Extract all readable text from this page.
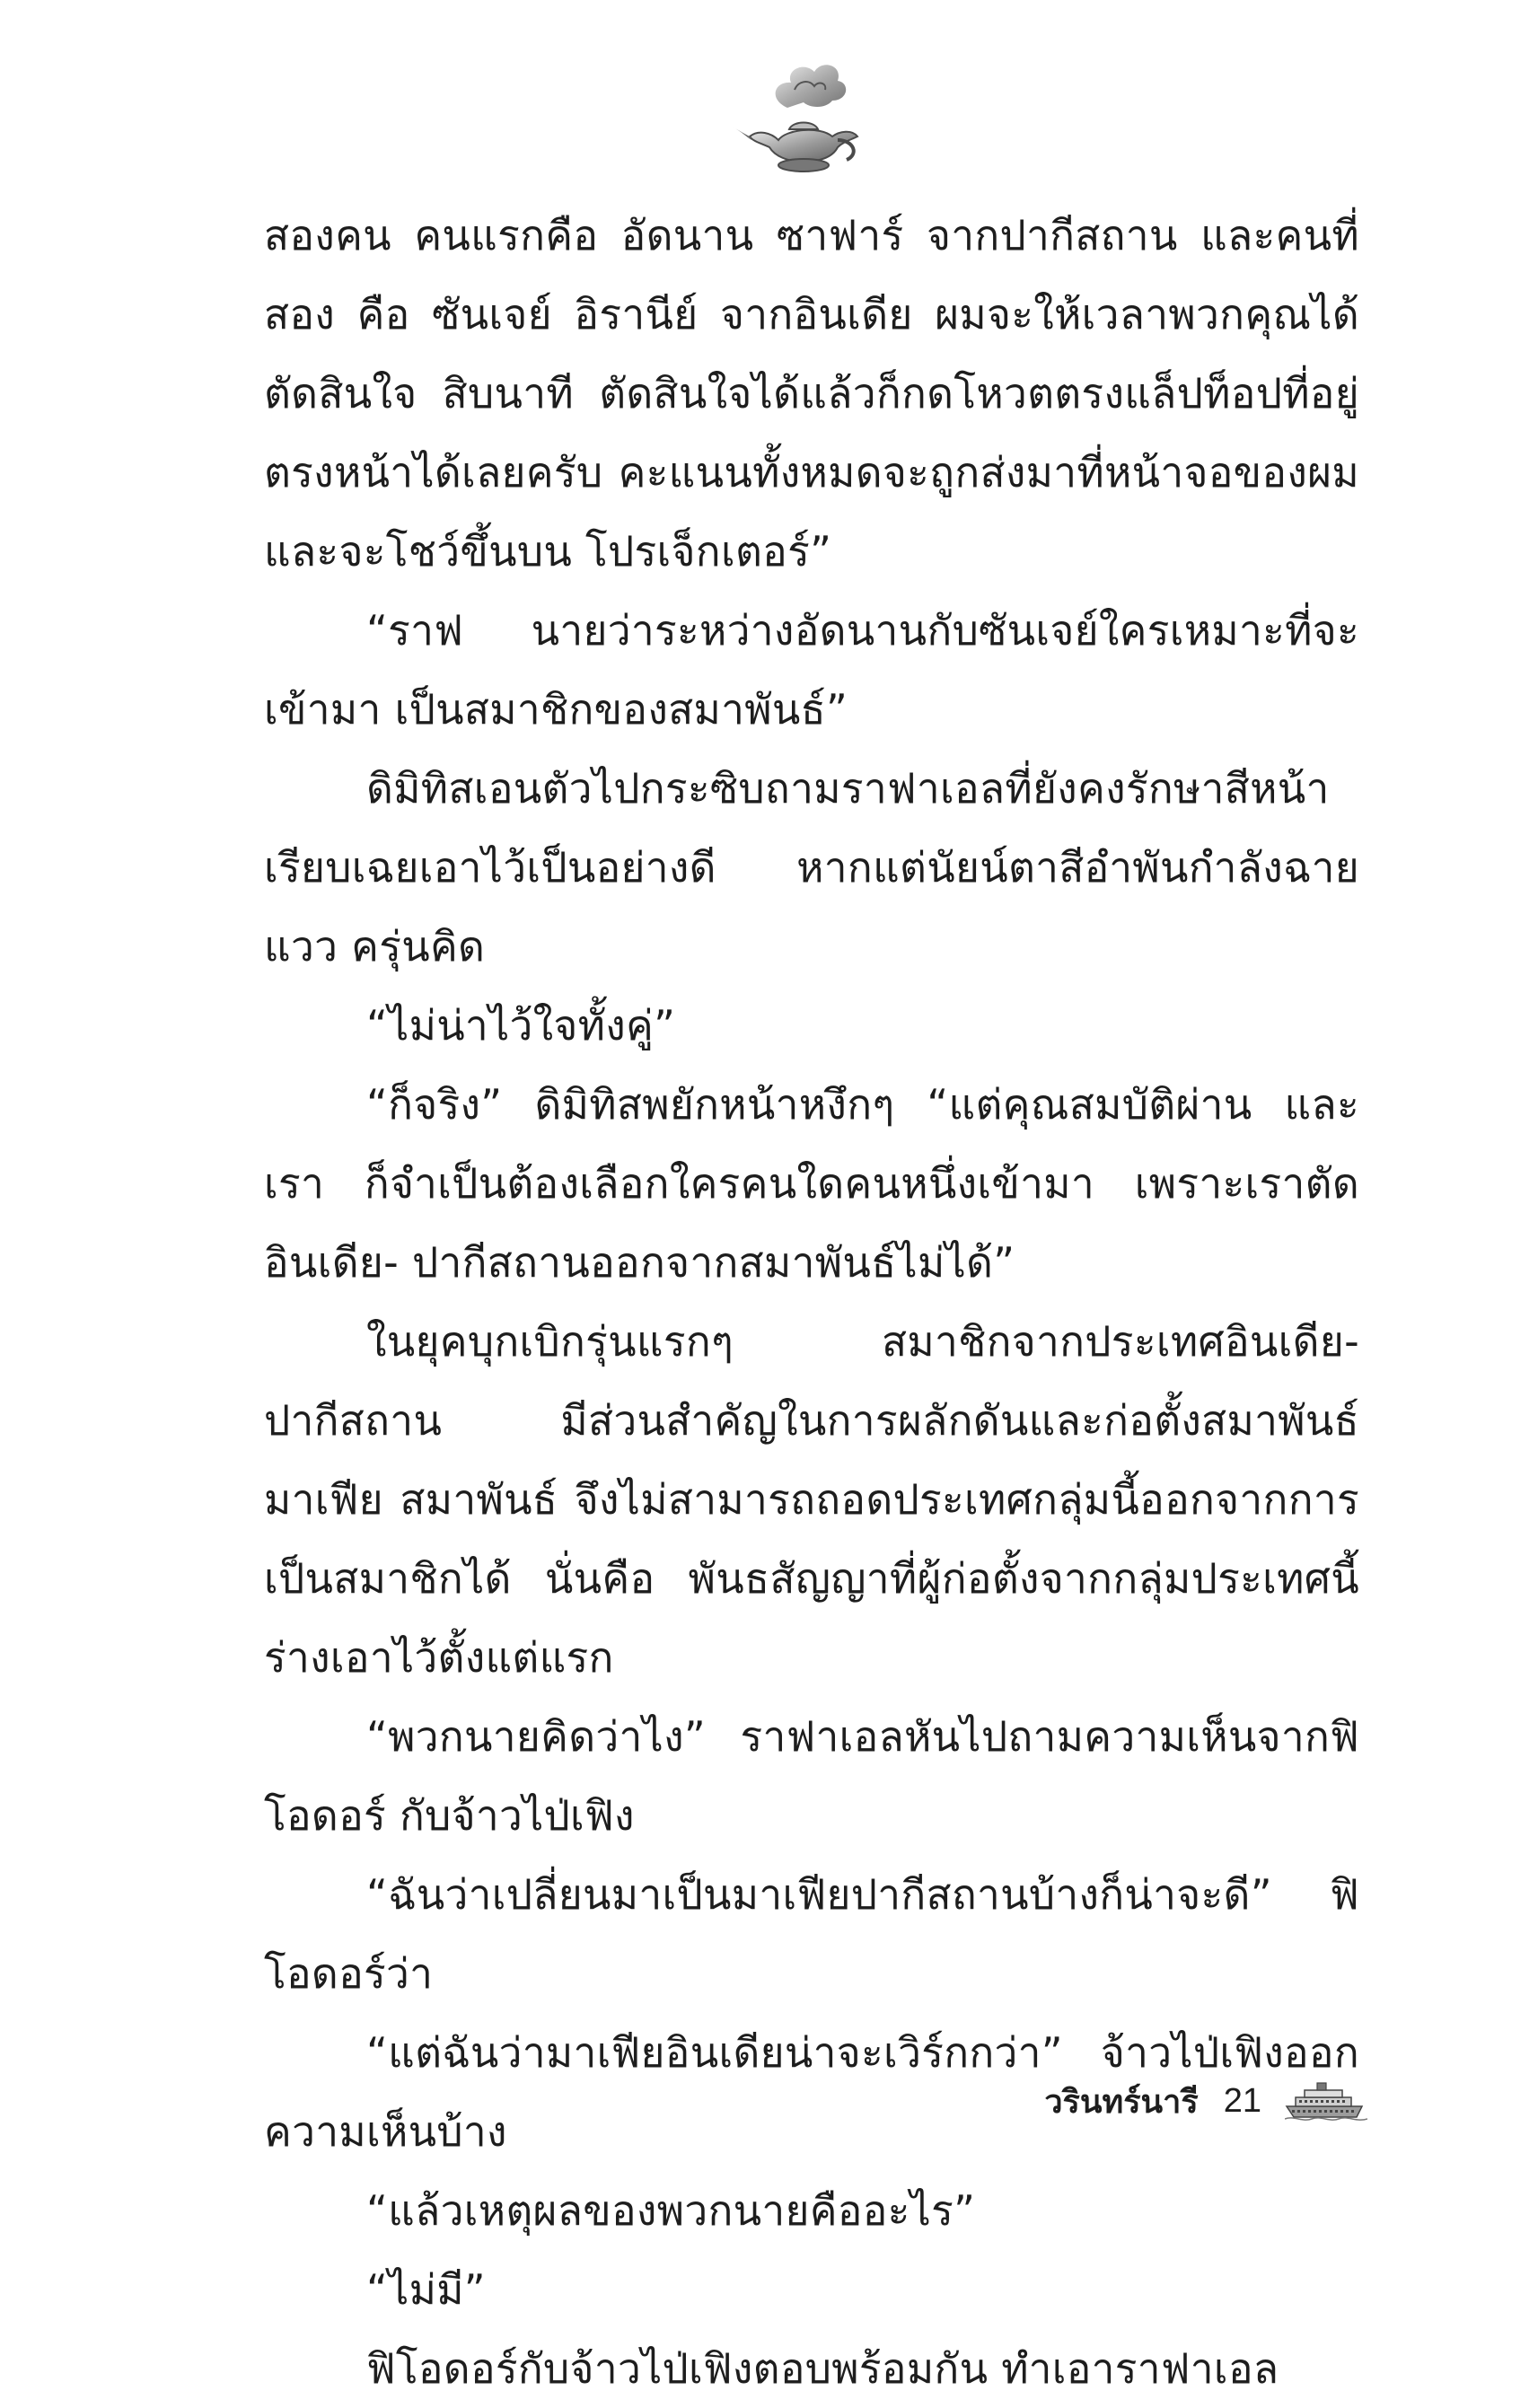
สองคน คนแรกคือ อัดนาน ซาฟาร์ จากปากีสถาน และคนที่สอง คือ ซันเจย์ อิรานีย์ จากอินเดีย ผมจะให้เวลาพวกคุณได้ตัดสินใจ สิบนาที ตัดสินใจได้แล้วก็กดโหวตตรงแล็ปท็อปที่อยู่ตรงหน้าได้เลยครับ คะแนนทั้งหมดจะถูกส่งมาที่หน้าจอของผม และจะโชว์ขึ้นบน โปรเจ็กเตอร์”

“ราฟ นายว่าระหว่างอัดนานกับซันเจย์ใครเหมาะที่จะเข้ามา เป็นสมาชิกของสมาพันธ์”

ดิมิทิสเอนตัวไปกระซิบถามราฟาเอลที่ยังคงรักษาสีหน้า เรียบเฉยเอาไว้เป็นอย่างดี หากแต่นัยน์ตาสีอำพันกำลังฉายแวว ครุ่นคิด

“ไม่น่าไว้ใจทั้งคู่”

“ก็จริง” ดิมิทิสพยักหน้าหงึกๆ “แต่คุณสมบัติผ่าน และเรา ก็จำเป็นต้องเลือกใครคนใดคนหนึ่งเข้ามา เพราะเราตัดอินเดีย- ปากีสถานออกจากสมาพันธ์ไม่ได้”

ในยุคบุกเบิกรุ่นแรกๆ สมาชิกจากประเทศอินเดีย-ปากีสถาน มีส่วนสำคัญในการผลักดันและก่อตั้งสมาพันธ์มาเฟีย สมาพันธ์ จึงไม่สามารถถอดประเทศกลุ่มนี้ออกจากการเป็นสมาชิกได้ นั่นคือ พันธสัญญาที่ผู้ก่อตั้งจากกลุ่มประเทศนี้ร่างเอาไว้ตั้งแต่แรก

“พวกนายคิดว่าไง” ราฟาเอลหันไปถามความเห็นจากฟิโอดอร์ กับจ้าวไป่เฟิง

“ฉันว่าเปลี่ยนมาเป็นมาเฟียปากีสถานบ้างก็น่าจะดี” ฟิโอดอร์ว่า

“แต่ฉันว่ามาเฟียอินเดียน่าจะเวิร์กกว่า” จ้าวไป่เฟิงออก ความเห็นบ้าง

“แล้วเหตุผลของพวกนายคืออะไร”

“ไม่มี”

ฟิโอดอร์กับจ้าวไป่เฟิงตอบพร้อมกัน ทำเอาราฟาเอล

วรินทร์นารี 21
